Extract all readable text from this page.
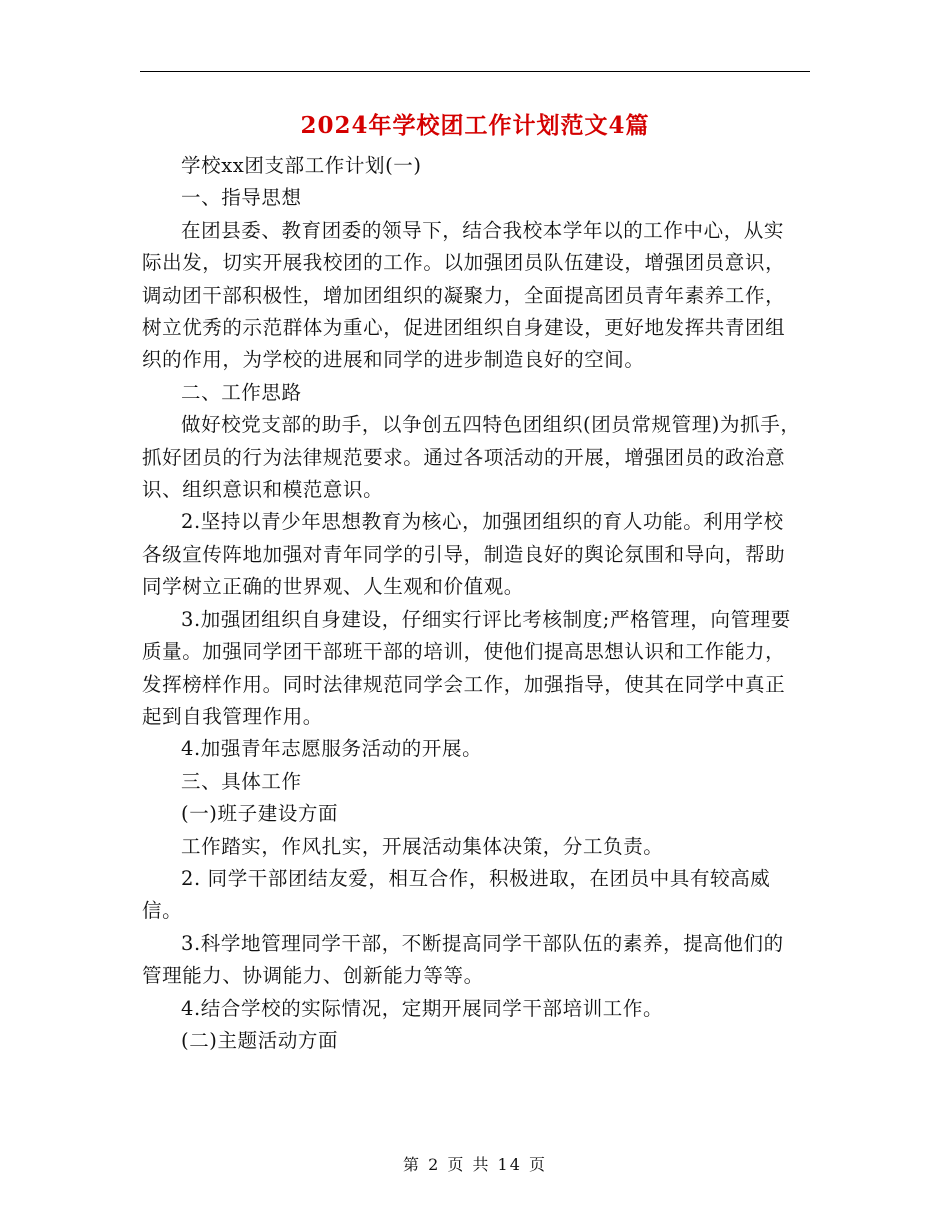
2024年学校团工作计划范文4篇

学校xx团支部工作计划(一)

一、指导思想

在团县委、教育团委的领导下，结合我校本学年以的工作中心，从实际出发，切实开展我校团的工作。以加强团员队伍建设，增强团员意识，调动团干部积极性，增加团组织的凝聚力，全面提高团员青年素养工作，树立优秀的示范群体为重心，促进团组织自身建设，更好地发挥共青团组织的作用，为学校的进展和同学的进步制造良好的空间。

二、工作思路

做好校党支部的助手，以争创五四特色团组织(团员常规管理)为抓手，抓好团员的行为法律规范要求。通过各项活动的开展，增强团员的政治意识、组织意识和模范意识。

2.坚持以青少年思想教育为核心，加强团组织的育人功能。利用学校各级宣传阵地加强对青年同学的引导，制造良好的舆论氛围和导向，帮助同学树立正确的世界观、人生观和价值观。

3.加强团组织自身建设，仔细实行评比考核制度;严格管理，向管理要质量。加强同学团干部班干部的培训，使他们提高思想认识和工作能力，发挥榜样作用。同时法律规范同学会工作，加强指导，使其在同学中真正起到自我管理作用。

4.加强青年志愿服务活动的开展。

三、具体工作

(一)班子建设方面

工作踏实，作风扎实，开展活动集体决策，分工负责。

2. 同学干部团结友爱，相互合作，积极进取，在团员中具有较高威信。

3.科学地管理同学干部，不断提高同学干部队伍的素养，提高他们的管理能力、协调能力、创新能力等等。

4.结合学校的实际情况，定期开展同学干部培训工作。

(二)主题活动方面

第 2 页 共 14 页
